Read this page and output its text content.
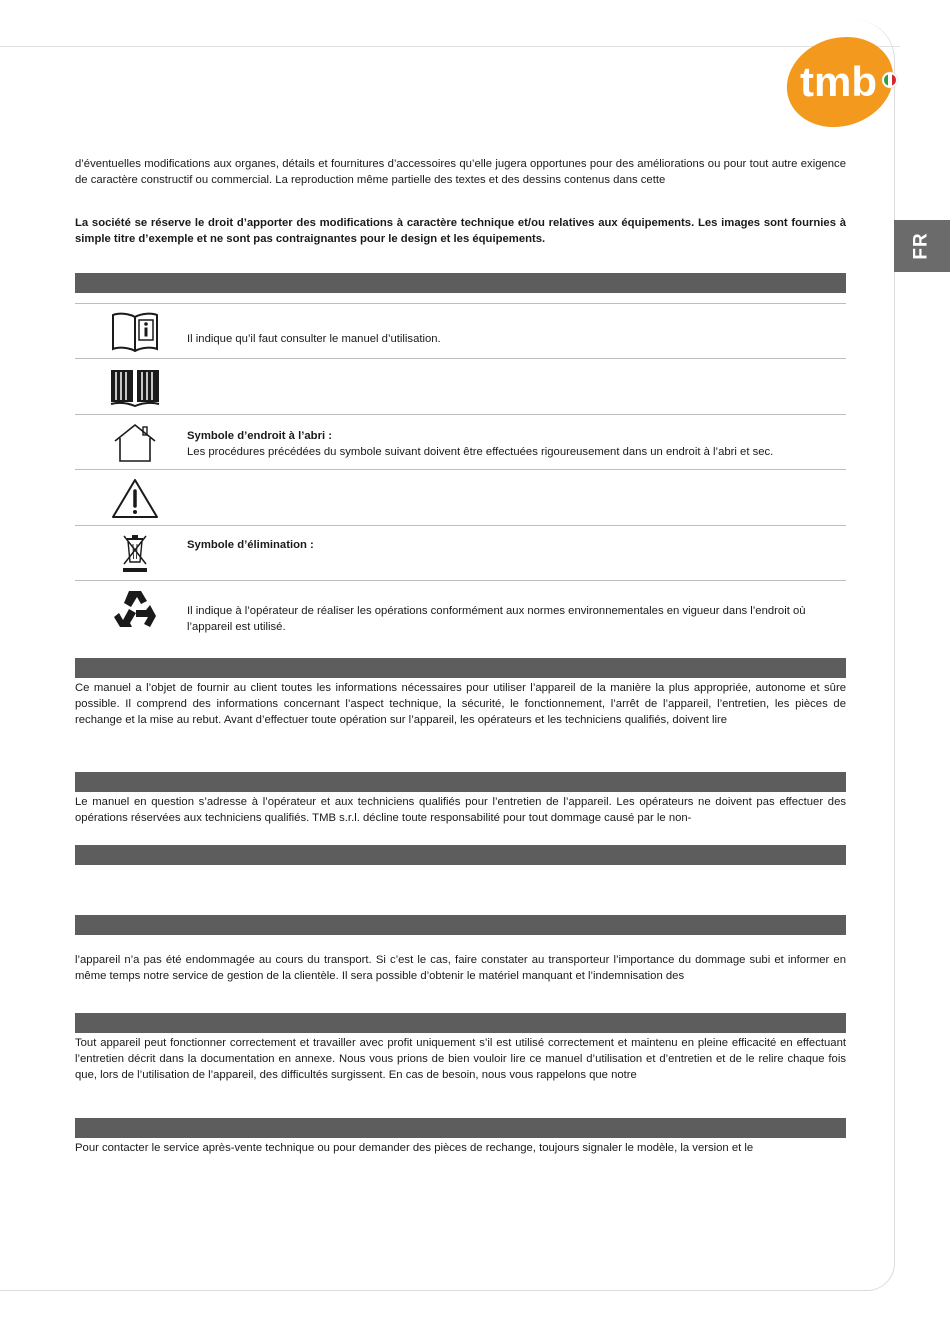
tmb
FR

d’éventuelles modifications aux organes, détails et fournitures d’accessoires qu’elle jugera opportunes pour des améliorations ou pour tout autre exigence de caractère constructif ou commercial. La reproduction même partielle des textes et des dessins contenus dans cette

La société se réserve le droit d’apporter des modifications à caractère technique et/ou relatives aux équipements. Les images sont fournies à simple titre d’exemple et ne sont pas contraignantes pour le design et les équipements.

Il indique qu’il faut consulter le manuel d’utilisation.

Symbole d’endroit à l’abri :
Les procédures précédées du symbole suivant doivent être effectuées rigoureusement dans un endroit à l’abri et sec.

Symbole d’élimination :

Il indique à l’opérateur de réaliser les opérations conformément aux normes environnementales en vigueur dans l’endroit où l’appareil est utilisé.

Ce manuel a l’objet de fournir au client toutes les informations nécessaires pour utiliser l’appareil de la manière la plus appropriée, autonome et sûre possible. Il comprend des informations concernant l’aspect technique, la sécurité, le fonctionnement, l’arrêt de l’appareil, l’entretien, les pièces de rechange et la mise au rebut. Avant d’effectuer toute opération sur l’appareil, les opérateurs et les techniciens qualifiés, doivent lire

Le manuel en question s’adresse à l’opérateur et aux techniciens qualifiés pour l’entretien de l’appareil. Les opérateurs ne doivent pas effectuer des opérations réservées aux techniciens qualifiés. TMB s.r.l. décline toute responsabilité pour tout dommage causé par le non-

l’appareil n’a pas été endommagée au cours du transport. Si c’est le cas, faire constater au transporteur l’importance du dommage subi et informer en même temps notre service de gestion de la clientèle. Il sera possible d’obtenir le matériel manquant et l’indemnisation des

Tout appareil peut fonctionner correctement et travailler avec profit uniquement s’il est utilisé correctement et maintenu en pleine efficacité en effectuant l’entretien décrit dans la documentation en annexe. Nous vous prions de bien vouloir lire ce manuel d’utilisation et d’entretien et de le relire chaque fois que, lors de l’utilisation de l’appareil, des difficultés surgissent. En cas de besoin, nous vous rappelons que notre

Pour contacter le service après-vente technique ou pour demander des pièces de rechange, toujours signaler le modèle, la version et le
